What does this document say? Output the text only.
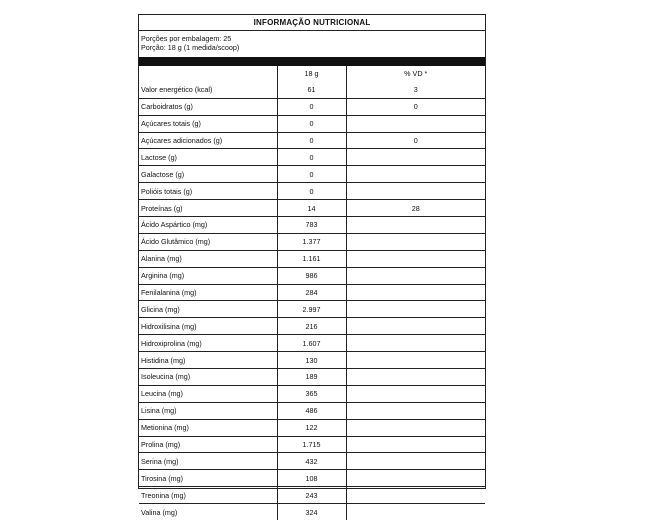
INFORMAÇÃO NUTRICIONAL
Porções por embalagem: 25
Porção: 18 g (1 medida/scoop)
	18 g	% VD *
Valor energético (kcal)	61	3
Carboidratos (g)	0	0
Açúcares totais (g)	0	
Açúcares adicionados (g)	0	0
Lactose (g)	0	
Galactose (g)	0	
Polióis totais (g)	0	
Proteínas (g)	14	28
Ácido Aspártico (mg)	783	
Ácido Glutâmico (mg)	1.377	
Alanina (mg)	1.161	
Arginina (mg)	986	
Fenilalanina (mg)	284	
Glicina (mg)	2.997	
Hidroxilisina (mg)	216	
Hidroxiprolina (mg)	1.607	
Histidina (mg)	130	
Isoleucina (mg)	189	
Leucina (mg)	365	
Lisina (mg)	486	
Metionina (mg)	122	
Prolina (mg)	1.715	
Serina (mg)	432	
Tirosina (mg)	108	
Treonina (mg)	243	
Valina (mg)	324	
